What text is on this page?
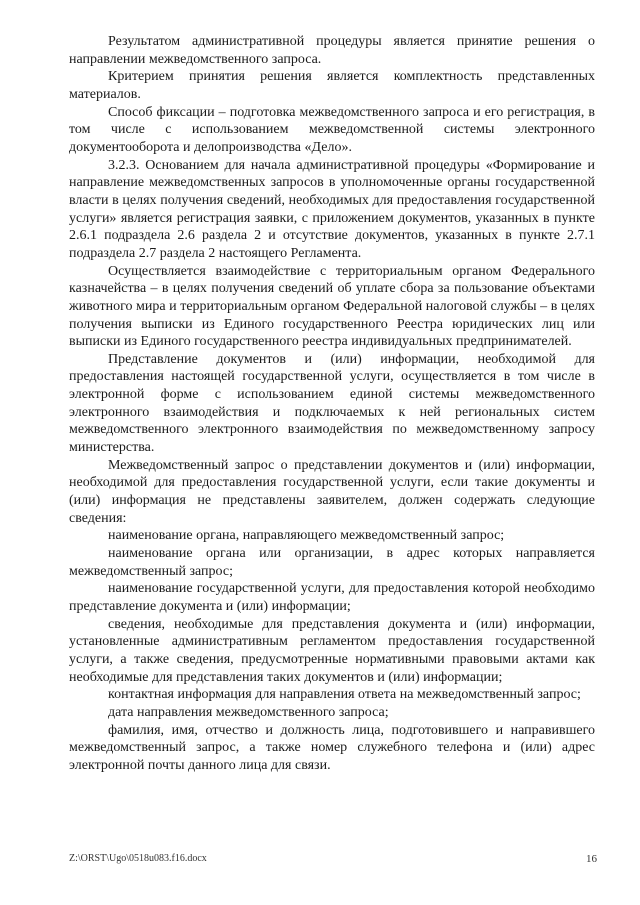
Результатом административной процедуры является принятие решения о направлении межведомственного запроса.

Критерием принятия решения является комплектность представленных материалов.

Способ фиксации – подготовка межведомственного запроса и его регистрация, в том числе с использованием межведомственной системы электронного документооборота и делопроизводства «Дело».

3.2.3. Основанием для начала административной процедуры «Формирование и направление межведомственных запросов в уполномоченные органы государственной власти в целях получения сведений, необходимых для предоставления государственной услуги» является регистрация заявки, с приложением документов, указанных в пункте 2.6.1 подраздела 2.6 раздела 2 и отсутствие документов, указанных в пункте 2.7.1 подраздела 2.7 раздела 2 настоящего Регламента.

Осуществляется взаимодействие с территориальным органом Федерального казначейства – в целях получения сведений об уплате сбора за пользование объектами животного мира и территориальным органом Федеральной налоговой службы – в целях получения выписки из Единого государственного Реестра юридических лиц или выписки из Единого государственного реестра индивидуальных предпринимателей.

Представление документов и (или) информации, необходимой для предоставления настоящей государственной услуги, осуществляется в том числе в электронной форме с использованием единой системы межведомственного электронного взаимодействия и подключаемых к ней региональных систем межведомственного электронного взаимодействия по межведомственному запросу министерства.

Межведомственный запрос о представлении документов и (или) информации, необходимой для предоставления государственной услуги, если такие документы и (или) информация не представлены заявителем, должен содержать следующие сведения:

наименование органа, направляющего межведомственный запрос;

наименование органа или организации, в адрес которых направляется межведомственный запрос;

наименование государственной услуги, для предоставления которой необходимо представление документа и (или) информации;

сведения, необходимые для представления документа и (или) информации, установленные административным регламентом предоставления государственной услуги, а также сведения, предусмотренные нормативными правовыми актами как необходимые для представления таких документов и (или) информации;

контактная информация для направления ответа на межведомственный запрос;

дата направления межведомственного запроса;

фамилия, имя, отчество и должность лица, подготовившего и направившего межведомственный запрос, а также номер служебного телефона и (или) адрес электронной почты данного лица для связи.

Z:\ORST\Ugo\0518u083.f16.docx	16
